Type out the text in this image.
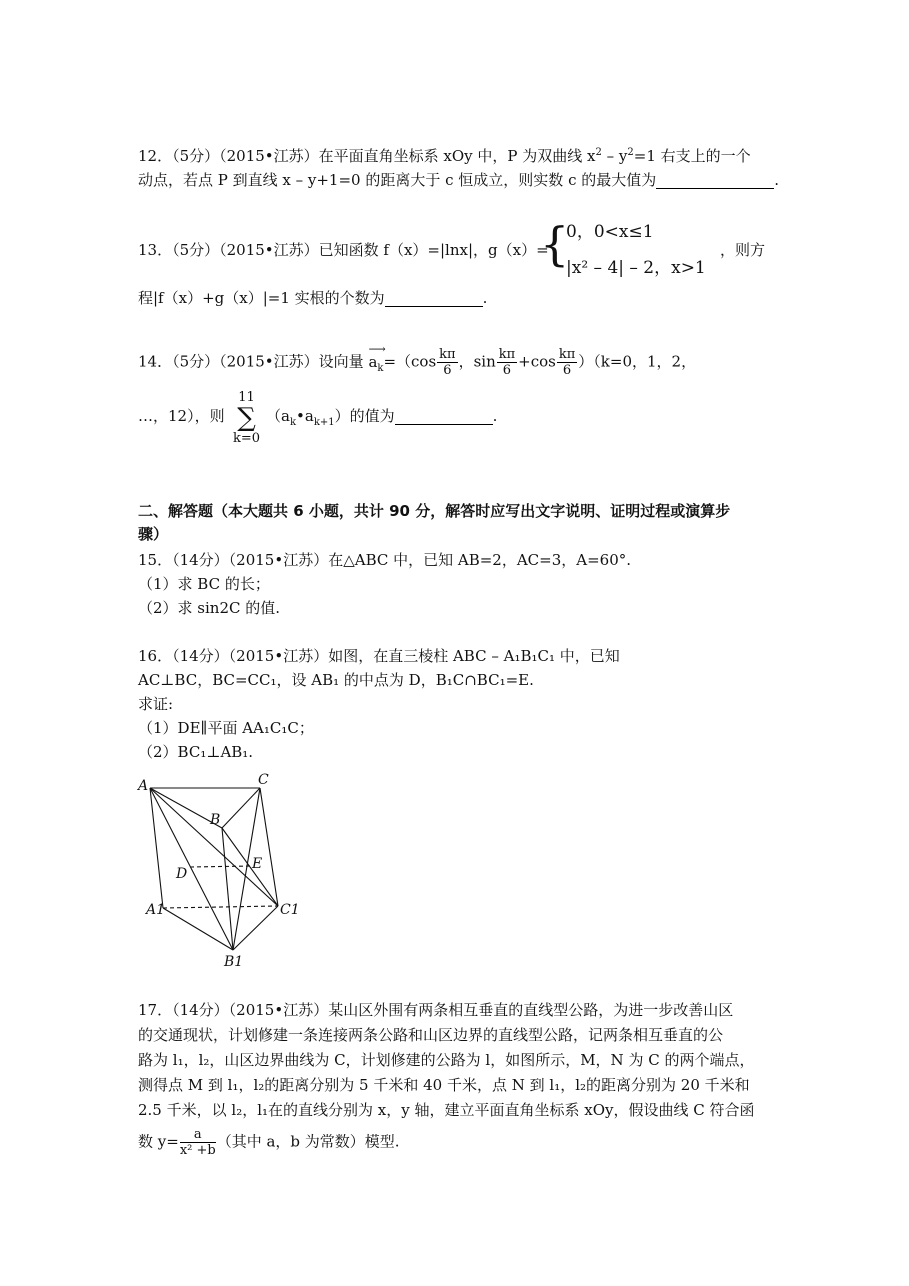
12．（5分）（2015•江苏）在平面直角坐标系 xOy 中，P 为双曲线 $x^2 - y^2=1$ 右支上的一个
动点，若点 P 到直线 x – y+1=0 的距离大于 c 恒成立，则实数 c 的最大值为	.
13．（5分）（2015•江苏）已知函数 f（x）=|lnx|，g（x）=
{
0，0<x≤1
|x² – 4| – 2，x>1
，则方
程|f（x）+g（x）|=1 实根的个数为	.
14．（5分）（2015•江苏）设向量
⟶
$a_k=(\cos \frac{k\pi}{6}$ ，$\sin \frac{k\pi}{6} +\cos \frac{k\pi}{6} )(k=0$，1，2，
…，12），则
11
∑
k=0
$(a_k•a_{k+1})$的值为	.
二、解答题（本大题共 6 小题，共计 90 分，解答时应写出文字说明、证明过程或演算步
骤）
15．（14分）（2015•江苏）在△ABC 中，已知 AB=2，AC=3，A=60°.
（1）求 BC 的长；
（2）求 sin2C 的值.
16．（14分）（2015•江苏）如图，在直三棱柱 ABC – A₁B₁C₁ 中，已知
AC⊥BC，BC=CC₁，设 AB₁ 的中点为 D，B₁C∩BC₁=E.
求证:
（1）DE∥平面 AA₁C₁C；
（2）BC₁⊥AB₁.
A	C
B
D
E
A1	C1
B1
17．（14分）（2015•江苏）某山区外围有两条相互垂直的直线型公路，为进一步改善山区
的交通现状，计划修建一条连接两条公路和山区边界的直线型公路，记两条相互垂直的公
路为 l₁，l₂，山区边界曲线为 C，计划修建的公路为 l，如图所示，M，N 为 C 的两个端点，
测得点 M 到 l₁，l₂的距离分别为 5 千米和 40 千米，点 N 到 l₁，l₂的距离分别为 20 千米和
2.5 千米，以 l₂，l₁在的直线分别为 x，y 轴，建立平面直角坐标系 xOy，假设曲线 C 符合函
数 $y= \frac{a}{\text{x² +b}}$ （其中 a，b 为常数）模型.
